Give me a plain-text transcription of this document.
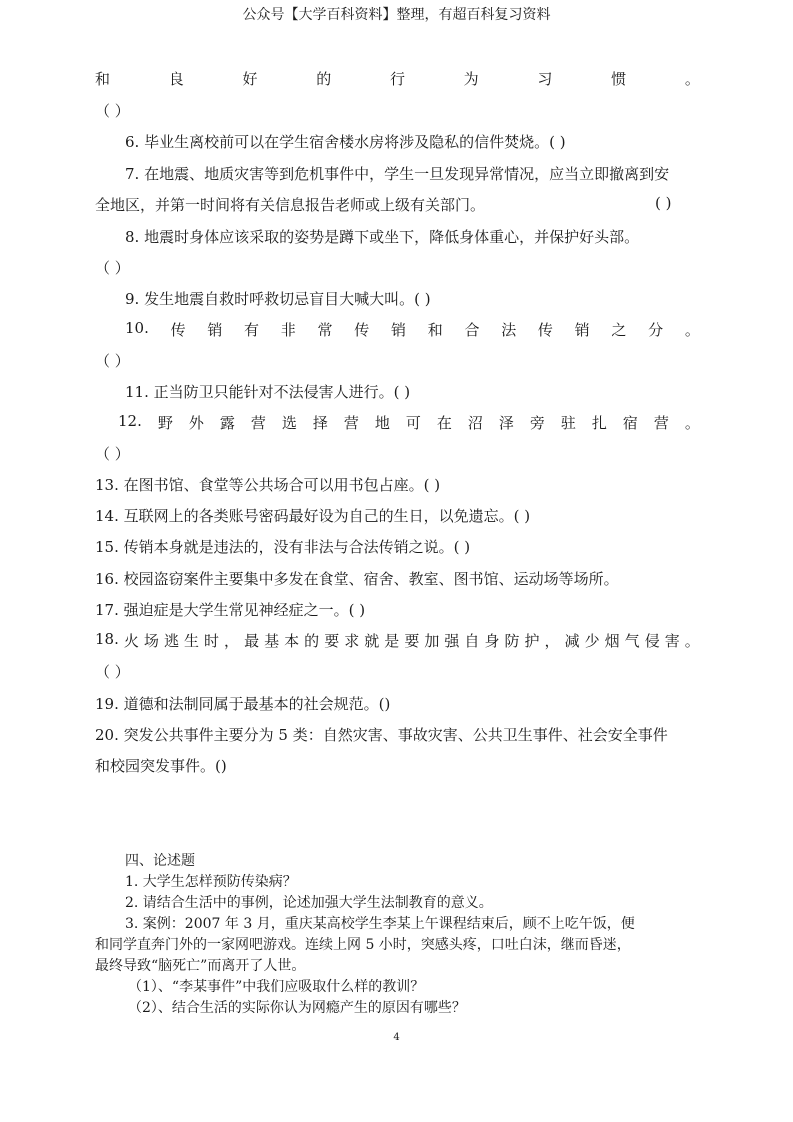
公众号【大学百科资料】整理，有超百科复习资料
和	良	好	的	行	为	习	惯	。
（ ）
6. 毕业生离校前可以在学生宿舍楼水房将涉及隐私的信件焚烧。( )
7. 在地震、地质灾害等到危机事件中，学生一旦发现异常情况，应当立即撤离到安
全地区，并第一时间将有关信息报告老师或上级有关部门。	( )
8. 地震时身体应该采取的姿势是蹲下或坐下，降低身体重心，并保护好头部。
（ ）
9. 发生地震自救时呼救切忌盲目大喊大叫。( )
10. 传 销 有 非 常 传 销 和 合 法 传 销 之 分 。
（ ）
11. 正当防卫只能针对不法侵害人进行。( )
12. 野 外 露 营 选 择 营 地 可 在 沼 泽 旁 驻 扎 宿 营 。
（ ）
13. 在图书馆、食堂等公共场合可以用书包占座。( )
14. 互联网上的各类账号密码最好设为自己的生日，以免遗忘。( )
15. 传销本身就是违法的，没有非法与合法传销之说。( )
16. 校园盗窃案件主要集中多发在食堂、宿舍、教室、图书馆、运动场等场所。
17. 强迫症是大学生常见神经症之一。( )
18. 火 场 逃 生 时 ， 最 基 本 的 要 求 就 是 要 加 强 自 身 防 护 ， 减 少 烟 气 侵 害 。
（ ）
19. 道德和法制同属于最基本的社会规范。()
20. 突发公共事件主要分为 5 类：自然灾害、事故灾害、公共卫生事件、社会安全事件
和校园突发事件。()

四、论述题

1. 大学生怎样预防传染病？

2. 请结合生活中的事例，论述加强大学生法制教育的意义。

3. 案例：2007 年 3 月，重庆某高校学生李某上午课程结束后，顾不上吃午饭，便

和同学直奔门外的一家网吧游戏。连续上网 5 小时，突感头疼，口吐白沫，继而昏迷，

最终导致“脑死亡”而离开了人世。

（1）、“李某事件”中我们应吸取什么样的教训？

（2）、结合生活的实际你认为网瘾产生的原因有哪些？

4
